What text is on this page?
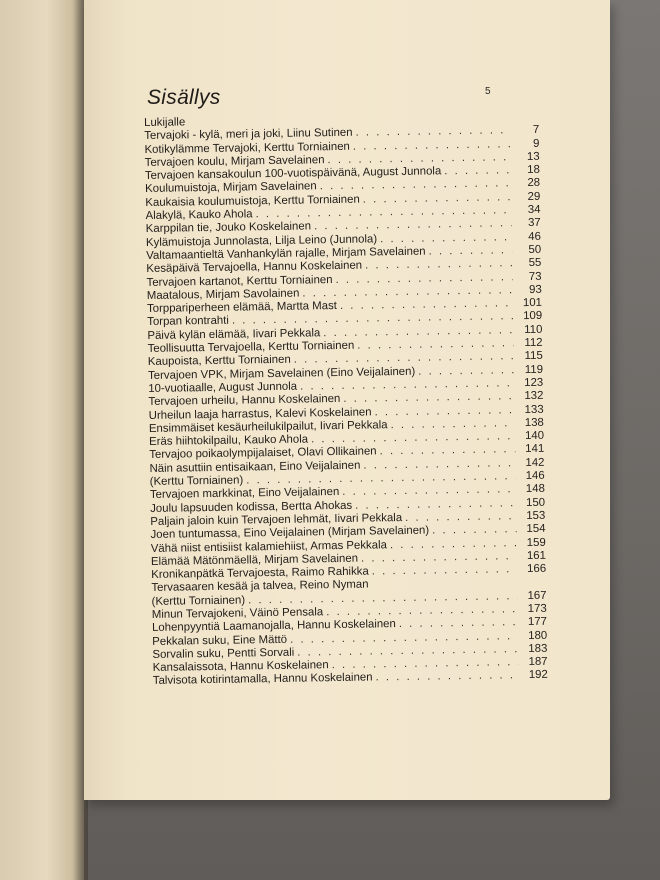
Sisällys	5
Lukijalle
Tervajoki - kylä, meri ja joki, Liinu Sutinen . . .	7
Kotikylämme Tervajoki, Kerttu Torniainen . . .	9
Tervajoen koulu, Mirjam Savelainen . . .	13
Tervajoen kansakoulun 100-vuotispäivänä, August Junnola . . .	18
Koulumuistoja, Mirjam Savelainen . . .	28
Kaukaisia koulumuistoja, Kerttu Torniainen . . .	29
Alakylä, Kauko Ahola . . .	34
Karppilan tie, Jouko Koskelainen . . .	37
Kylämuistoja Junnolasta, Lilja Leino (Junnola) . . .	46
Valtamaantieltä Vanhankylän rajalle, Mirjam Savelainen . . .	50
Kesäpäivä Tervajoella, Hannu Koskelainen . . .	55
Tervajoen kartanot, Kerttu Torniainen . . .	73
Maatalous, Mirjam Savolainen . . .	93
Torppariperheen elämää, Martta Mast . . .	101
Torpan kontrahti . . .	109
Päivä kylän elämää, Iivari Pekkala . . .	110
Teollisuutta Tervajoella, Kerttu Torniainen . . .	112
Kaupoista, Kerttu Torniainen . . .	115
Tervajoen VPK, Mirjam Savelainen (Eino Veijalainen) . . .	119
10-vuotiaalle, August Junnola . . .	123
Tervajoen urheilu, Hannu Koskelainen . . .	132
Urheilun laaja harrastus, Kalevi Koskelainen . . .	133
Ensimmäiset kesäurheilukilpailut, Iivari Pekkala . . .	138
Eräs hiihtokilpailu, Kauko Ahola . . .	140
Tervajoo poikaolympijalaiset, Olavi Ollikainen . . .	141
Näin asuttiin entisaikaan, Eino Veijalainen . . .	142
(Kerttu Torniainen) . . .	146
Tervajoen markkinat, Eino Veijalainen . . .	148
Joulu lapsuuden kodissa, Bertta Ahokas . . .	150
Paljain jaloin kuin Tervajoen lehmät, Iivari Pekkala . . .	153
Joen tuntumassa, Eino Veijalainen (Mirjam Savelainen) . . .	154
Vähä niist entisiist kalamiehiist, Armas Pekkala . . .	159
Elämää Mätönmäellä, Mirjam Savelainen . . .	161
Kronikanpätkä Tervajoesta, Raimo Rahikka . . .	166
Tervasaaren kesää ja talvea, Reino Nyman
(Kerttu Torniainen) . . .	167
Minun Tervajokeni, Väinö Pensala . . .	173
Lohenpyyntiä Laamanojalla, Hannu Koskelainen . . .	177
Pekkalan suku, Eine Mättö . . .	180
Sorvalin suku, Pentti Sorvali . . .	183
Kansalaissota, Hannu Koskelainen . . .	187
Talvisota kotirintamalla, Hannu Koskelainen . . .	192
